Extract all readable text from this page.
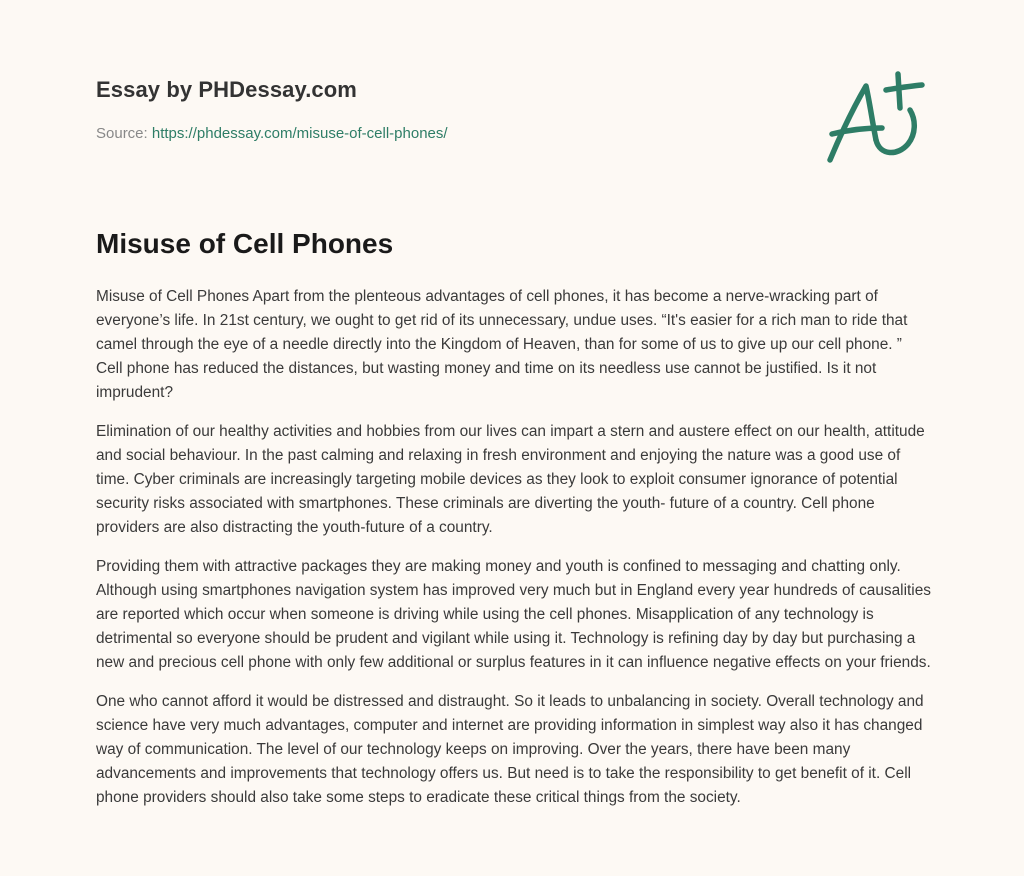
Essay by PHDessay.com
Source: https://phdessay.com/misuse-of-cell-phones/
Misuse of Cell Phones

Misuse of Cell Phones Apart from the plenteous advantages of cell phones, it has become a nerve-wracking part of everyone’s life. In 21st century, we ought to get rid of its unnecessary, undue uses. “It's easier for a rich man to ride that camel through the eye of a needle directly into the Kingdom of Heaven, than for some of us to give up our cell phone. ” Cell phone has reduced the distances, but wasting money and time on its needless use cannot be justified. Is it not imprudent?

Elimination of our healthy activities and hobbies from our lives can impart a stern and austere effect on our health, attitude and social behaviour. In the past calming and relaxing in fresh environment and enjoying the nature was a good use of time. Cyber criminals are increasingly targeting mobile devices as they look to exploit consumer ignorance of potential security risks associated with smartphones. These criminals are diverting the youth- future of a country. Cell phone providers are also distracting the youth-future of a country.

Providing them with attractive packages they are making money and youth is confined to messaging and chatting only. Although using smartphones navigation system has improved very much but in England every year hundreds of causalities are reported which occur when someone is driving while using the cell phones. Misapplication of any technology is detrimental so everyone should be prudent and vigilant while using it. Technology is refining day by day but purchasing a new and precious cell phone with only few additional or surplus features in it can influence negative effects on your friends.

One who cannot afford it would be distressed and distraught. So it leads to unbalancing in society. Overall technology and science have very much advantages, computer and internet are providing information in simplest way also it has changed way of communication. The level of our technology keeps on improving. Over the years, there have been many advancements and improvements that technology offers us. But need is to take the responsibility to get benefit of it. Cell phone providers should also take some steps to eradicate these critical things from the society.
